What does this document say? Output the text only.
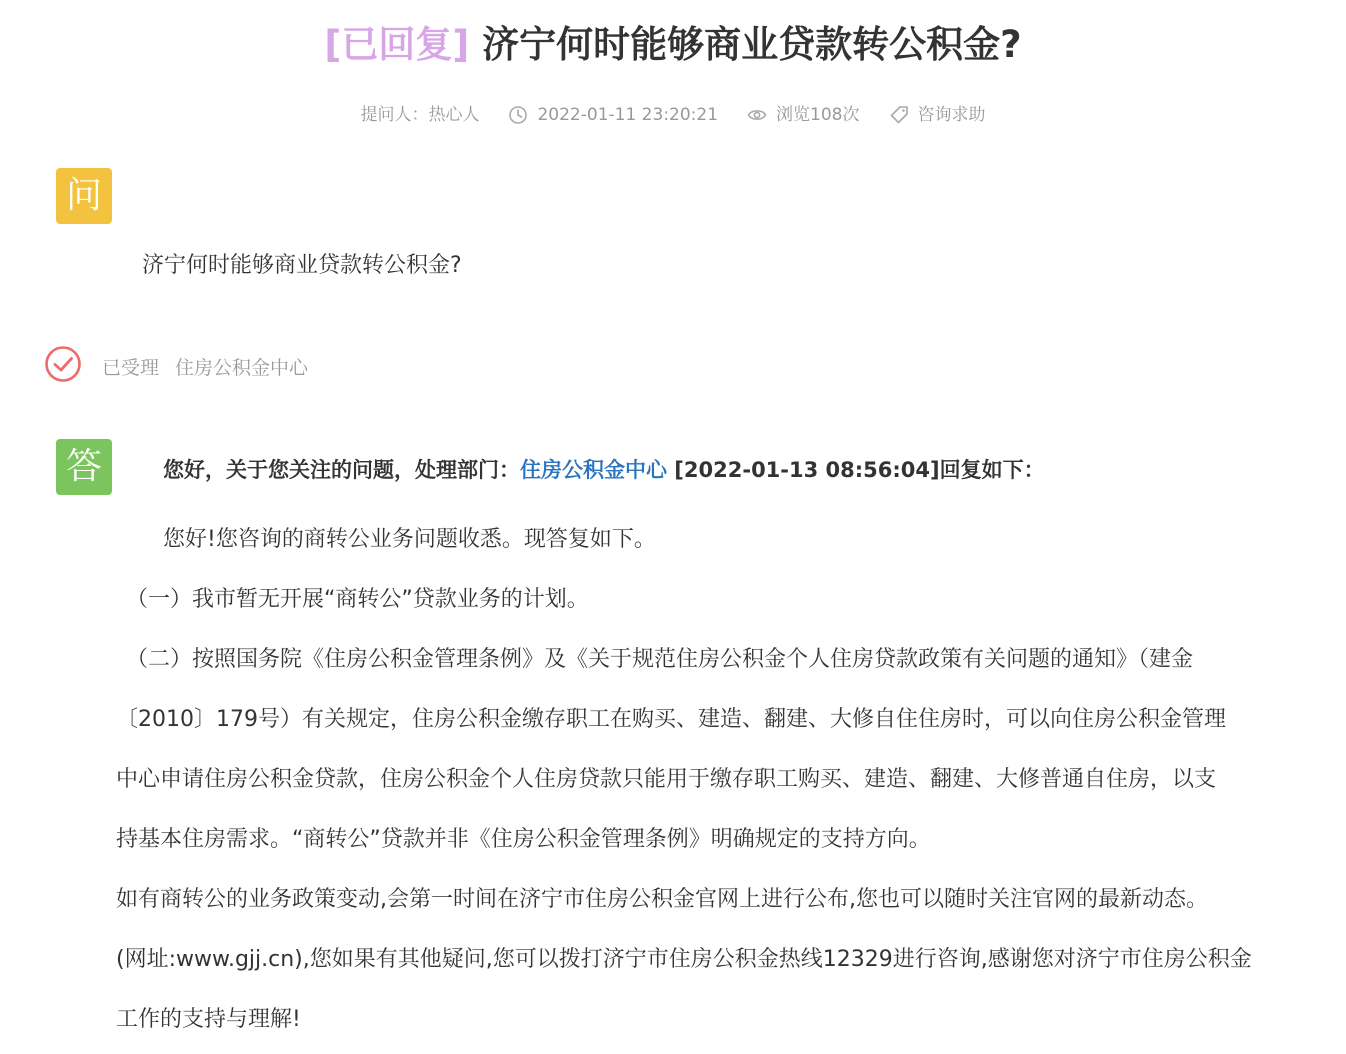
[已回复] 济宁何时能够商业贷款转公积金?
提问人：热心人	2022-01-11 23:20:21	浏览108次	咨询求助
问
济宁何时能够商业贷款转公积金?
已受理 住房公积金中心
答	您好，关于您关注的问题，处理部门：住房公积金中心 [2022-01-13 08:56:04]回复如下：

您好!您咨询的商转公业务问题收悉。现答复如下。

（一）我市暂无开展“商转公”贷款业务的计划。

（二）按照国务院《住房公积金管理条例》及《关于规范住房公积金个人住房贷款政策有关问题的通知》（建金

〔2010〕179号）有关规定，住房公积金缴存职工在购买、建造、翻建、大修自住住房时，可以向住房公积金管理

中心申请住房公积金贷款，住房公积金个人住房贷款只能用于缴存职工购买、建造、翻建、大修普通自住房，以支

持基本住房需求。“商转公”贷款并非《住房公积金管理条例》明确规定的支持方向。

如有商转公的业务政策变动,会第一时间在济宁市住房公积金官网上进行公布,您也可以随时关注官网的最新动态。

(网址:www.gjj.cn),您如果有其他疑问,您可以拨打济宁市住房公积金热线12329进行咨询,感谢您对济宁市住房公积金

工作的支持与理解!
